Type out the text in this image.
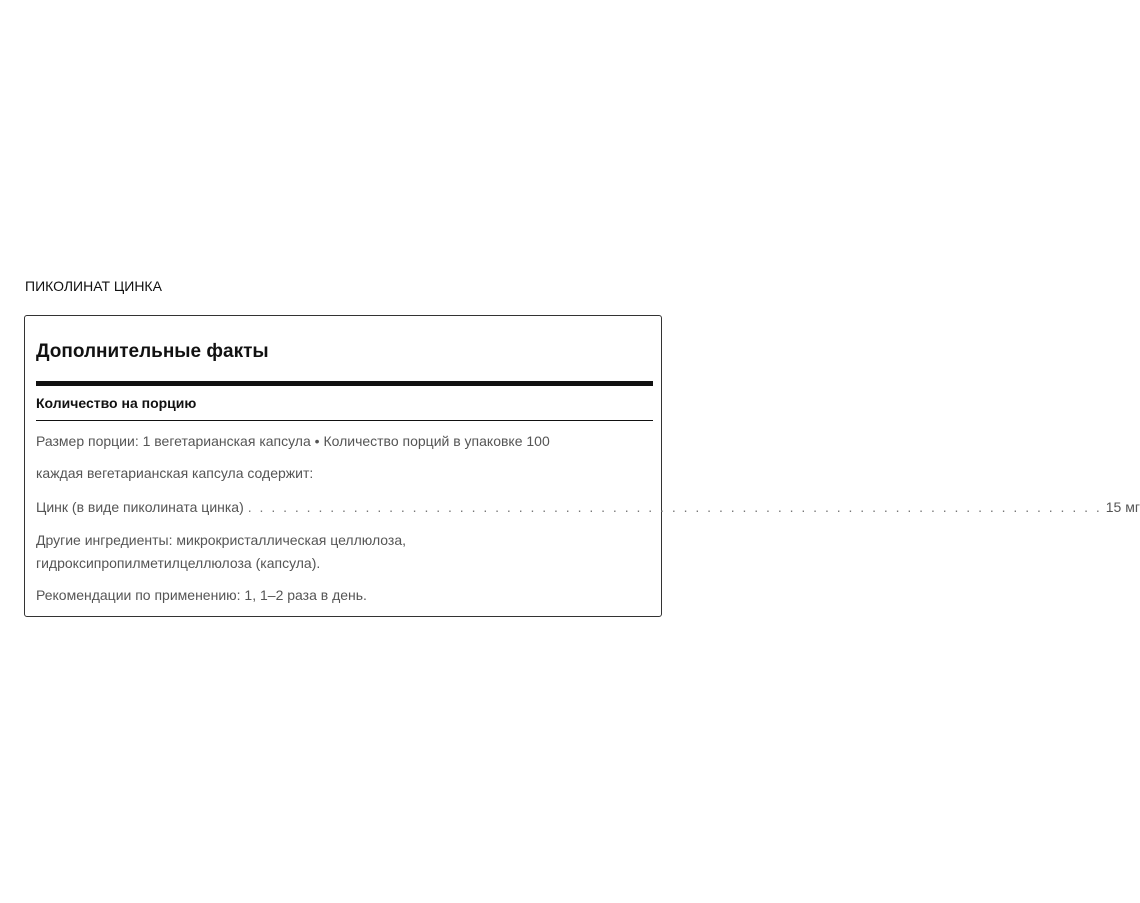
ПИКОЛИНАТ ЦИНКА
Дополнительные факты
Количество на порцию
Размер порции: 1 вегетарианская капсула • Количество порций в упаковке 100
каждая вегетарианская капсула содержит:
Цинк (в виде пиколината цинка) . . . . . . . . . . . . . . . . . . . . . . . . . . . . . . . . . . . . . . . . . . . . . . . . . . . . . . . . . . . . . . . . . . . . . . . . . 15 мг
Другие ингредиенты: микрокристаллическая целлюлоза,
гидроксипропилметилцеллюлоза (капсула).
Рекомендации по применению: 1, 1–2 раза в день.
